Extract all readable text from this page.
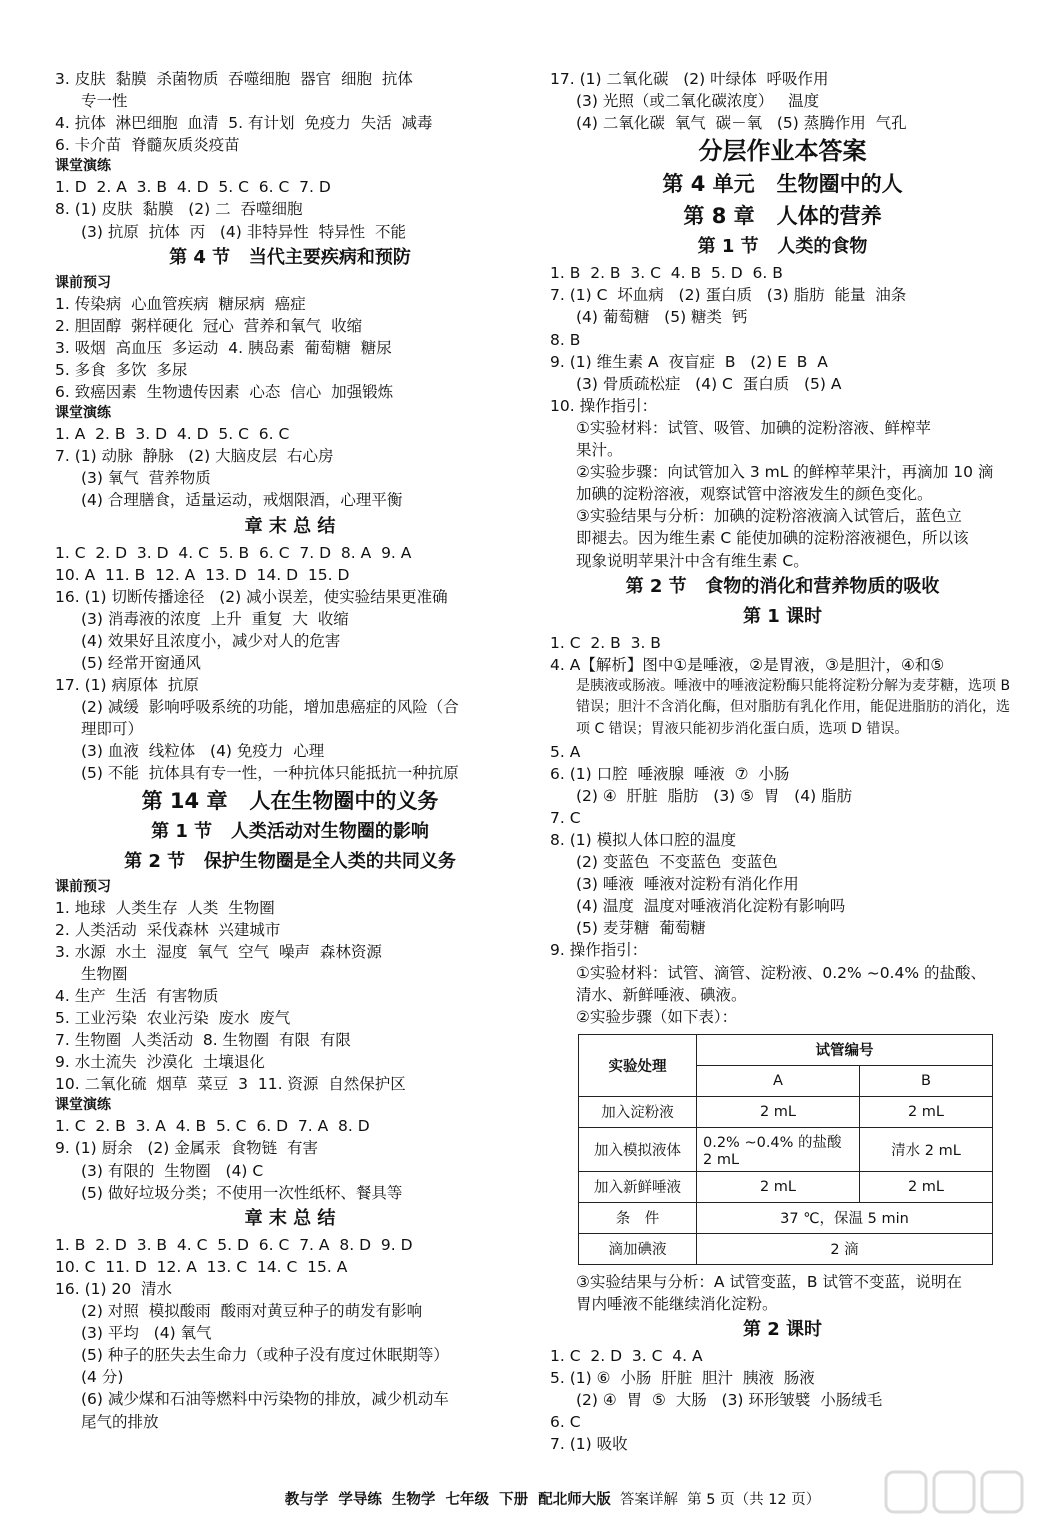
3. 皮肤  黏膜  杀菌物质  吞噬细胞  器官  细胞  抗体
专一性
4. 抗体  淋巴细胞  血清  5. 有计划  免疫力  失活  减毒
6. 卡介苗  脊髓灰质炎疫苗
课堂演练
1. D  2. A  3. B  4. D  5. C  6. C  7. D
8. (1) 皮肤  黏膜   (2) 二  吞噬细胞
(3) 抗原  抗体  丙   (4) 非特异性  特异性  不能
第 4 节   当代主要疾病和预防
课前预习
1. 传染病  心血管疾病  糖尿病  癌症
2. 胆固醇  粥样硬化  冠心  营养和氧气  收缩
3. 吸烟  高血压  多运动  4. 胰岛素  葡萄糖  糖尿
5. 多食  多饮  多尿
6. 致癌因素  生物遗传因素  心态  信心  加强锻炼
课堂演练
1. A  2. B  3. D  4. D  5. C  6. C
7. (1) 动脉  静脉   (2) 大脑皮层  右心房
(3) 氧气  营养物质
(4) 合理膳食，适量运动，戒烟限酒，心理平衡
章 末 总 结
1. C  2. D  3. D  4. C  5. B  6. C  7. D  8. A  9. A
10. A  11. B  12. A  13. D  14. D  15. D
16. (1) 切断传播途径   (2) 减小误差，使实验结果更准确
(3) 消毒液的浓度  上升  重复  大  收缩
(4) 效果好且浓度小，减少对人的危害
(5) 经常开窗通风
17. (1) 病原体  抗原
(2) 减缓  影响呼吸系统的功能，增加患癌症的风险（合
理即可）
(3) 血液  线粒体   (4) 免疫力  心理
(5) 不能  抗体具有专一性，一种抗体只能抵抗一种抗原
第 14 章   人在生物圈中的义务
第 1 节   人类活动对生物圈的影响
第 2 节   保护生物圈是全人类的共同义务
课前预习
1. 地球  人类生存  人类  生物圈
2. 人类活动  采伐森林  兴建城市
3. 水源  水土  湿度  氧气  空气  噪声  森林资源
生物圈
4. 生产  生活  有害物质
5. 工业污染  农业污染  废水  废气
7. 生物圈  人类活动  8. 生物圈  有限  有限
9. 水土流失  沙漠化  土壤退化
10. 二氧化硫  烟草  菜豆  3  11. 资源  自然保护区
课堂演练
1. C  2. B  3. A  4. B  5. C  6. D  7. A  8. D
9. (1) 厨余   (2) 金属汞  食物链  有害
(3) 有限的  生物圈   (4) C
(5) 做好垃圾分类；不使用一次性纸杯、餐具等
章 末 总 结
1. B  2. D  3. B  4. C  5. D  6. C  7. A  8. D  9. D
10. C  11. D  12. A  13. C  14. C  15. A
16. (1) 20  清水
(2) 对照  模拟酸雨  酸雨对黄豆种子的萌发有影响
(3) 平均   (4) 氧气
(5) 种子的胚失去生命力（或种子没有度过休眠期等）
(4 分)
(6) 减少煤和石油等燃料中污染物的排放，减少机动车
尾气的排放
17. (1) 二氧化碳   (2) 叶绿体  呼吸作用
(3) 光照（或二氧化碳浓度）   温度
(4) 二氧化碳  氧气  碳－氧   (5) 蒸腾作用  气孔
分层作业本答案
第 4 单元   生物圈中的人
第 8 章   人体的营养
第 1 节   人类的食物
1. B  2. B  3. C  4. B  5. D  6. B
7. (1) C  坏血病   (2) 蛋白质   (3) 脂肪  能量  油条
(4) 葡萄糖   (5) 糖类  钙
8. B
9. (1) 维生素 A  夜盲症  B   (2) E  B  A
(3) 骨质疏松症   (4) C  蛋白质   (5) A
10. 操作指引：
①实验材料：试管、吸管、加碘的淀粉溶液、鲜榨苹
果汁。
②实验步骤：向试管加入 3 mL 的鲜榨苹果汁，再滴加 10 滴
加碘的淀粉溶液，观察试管中溶液发生的颜色变化。
③实验结果与分析：加碘的淀粉溶液滴入试管后，蓝色立
即褪去。因为维生素 C 能使加碘的淀粉溶液褪色，所以该
现象说明苹果汁中含有维生素 C。
第 2 节   食物的消化和营养物质的吸收
第 1 课时
1. C  2. B  3. B
4. A【解析】图中①是唾液，②是胃液，③是胆汁，④和⑤
是胰液或肠液。唾液中的唾液淀粉酶只能将淀粉分解为麦芽糖，选项 B 错误；胆汁不含消化酶，但对脂肪有乳化作用，能促进脂肪的消化，选项 C 错误；胃液只能初步消化蛋白质，选项 D 错误。
5. A
6. (1) 口腔  唾液腺  唾液  ⑦  小肠
(2) ④  肝脏  脂肪   (3) ⑤  胃   (4) 脂肪
7. C
8. (1) 模拟人体口腔的温度
(2) 变蓝色  不变蓝色  变蓝色
(3) 唾液  唾液对淀粉有消化作用
(4) 温度  温度对唾液消化淀粉有影响吗
(5) 麦芽糖  葡萄糖
9. 操作指引：
①实验材料：试管、滴管、淀粉液、0.2% ~0.4% 的盐酸、
清水、新鲜唾液、碘液。
②实验步骤（如下表）：
实验处理	试管编号	
	A	B
加入淀粉液	2 mL	2 mL
加入模拟液体	0.2% ~0.4% 的盐酸 2 mL	清水 2 mL
加入新鲜唾液	2 mL	2 mL
条　件	37 ℃，保温 5 min	
滴加碘液	2 滴	
③实验结果与分析：A 试管变蓝，B 试管不变蓝，说明在
胃内唾液不能继续消化淀粉。
第 2 课时
1. C  2. D  3. C  4. A
5. (1) ⑥  小肠  肝脏  胆汁  胰液  肠液
(2) ④  胃  ⑤  大肠   (3) 环形皱襞  小肠绒毛
6. C
7. (1) 吸收
教与学  学导练  生物学  七年级  下册  配北师大版  答案详解  第 5 页（共 12 页）
